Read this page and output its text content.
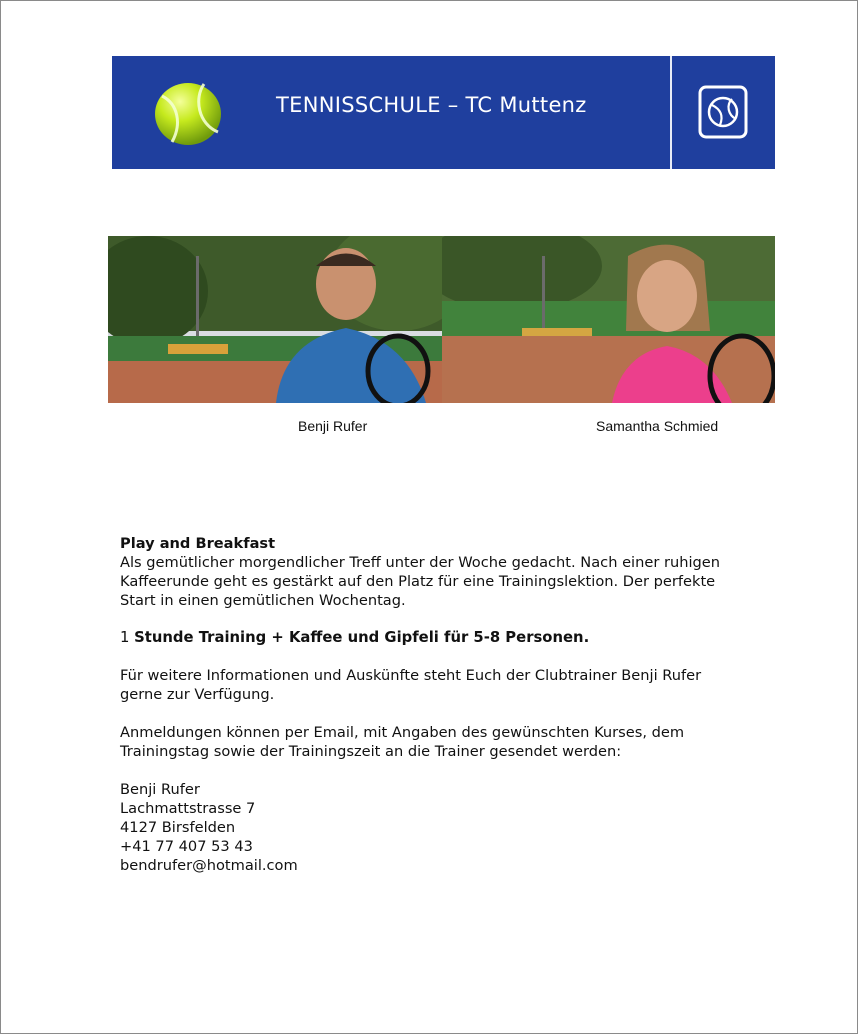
TENNISSCHULE – TC Muttenz
Benji Rufer	Samantha Schmied
Play and Breakfast
Als gemütlicher morgendlicher Treff unter der Woche gedacht. Nach einer ruhigen
Kaffeerunde geht es gestärkt auf den Platz für eine Trainingslektion. Der perfekte
Start in einen gemütlichen Wochentag.
1 Stunde Training + Kaffee und Gipfeli für 5-8 Personen.
Für weitere Informationen und Auskünfte steht Euch der Clubtrainer Benji Rufer
gerne zur Verfügung.
Anmeldungen können per Email, mit Angaben des gewünschten Kurses, dem
Trainingstag sowie der Trainingszeit an die Trainer gesendet werden:
Benji Rufer
Lachmattstrasse 7
4127 Birsfelden
+41 77 407 53 43
bendrufer@hotmail.com
